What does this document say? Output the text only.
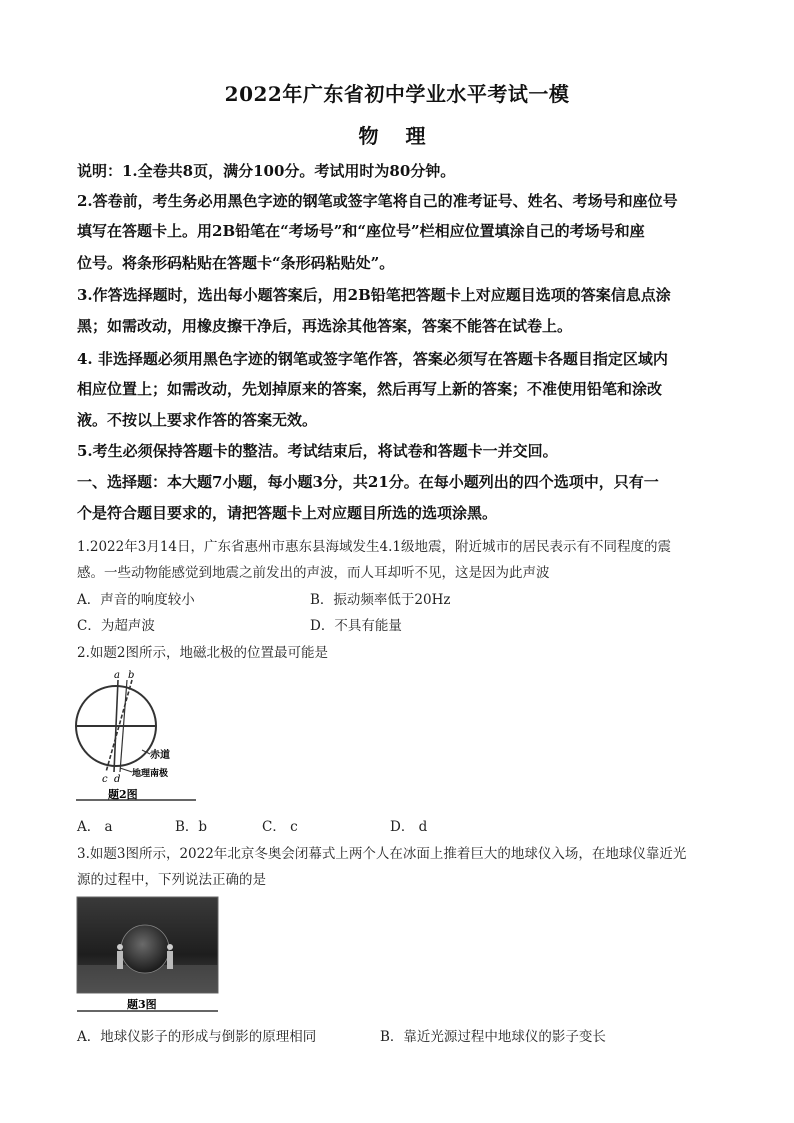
2022年广东省初中学业水平考试一模
物 理
说明：1.全卷共8页，满分100分。考试用时为80分钟。
2.答卷前，考生务必用黑色字迹的钢笔或签字笔将自己的准考证号、姓名、考场号和座位号
填写在答题卡上。用2B铅笔在“考场号”和“座位号”栏相应位置填涂自己的考场号和座
位号。将条形码粘贴在答题卡“条形码粘贴处”。
3.作答选择题时，选出每小题答案后，用2B铅笔把答题卡上对应题目选项的答案信息点涂
黑；如需改动，用橡皮擦干净后，再选涂其他答案，答案不能答在试卷上。
4. 非选择题必须用黑色字迹的钢笔或签字笔作答，答案必须写在答题卡各题目指定区域内
相应位置上；如需改动，先划掉原来的答案，然后再写上新的答案；不准使用铅笔和涂改
液。不按以上要求作答的答案无效。
5.考生必须保持答题卡的整洁。考试结束后，将试卷和答题卡一并交回。
一、选择题：本大题7小题，每小题3分，共21分。在每小题列出的四个选项中，只有一
个是符合题目要求的，请把答题卡上对应题目所选的选项涂黑。
1.2022年3月14日，广东省惠州市惠东县海域发生4.1级地震，附近城市的居民表示有不同程度的震
感。一些动物能感觉到地震之前发出的声波，而人耳却听不见，这是因为此声波
A．声音的响度较小	B．振动频率低于20Hz
C．为超声波	D．不具有能量
2.如题2图所示，地磁北极的位置最可能是
a b
c d
赤道
地理南极
题2图
A． a	B．b	C． c	D． d
3.如题3图所示，2022年北京冬奥会闭幕式上两个人在冰面上推着巨大的地球仪入场，在地球仪靠近光
源的过程中，下列说法正确的是
题3图
A．地球仪影子的形成与倒影的原理相同	B．靠近光源过程中地球仪的影子变长
